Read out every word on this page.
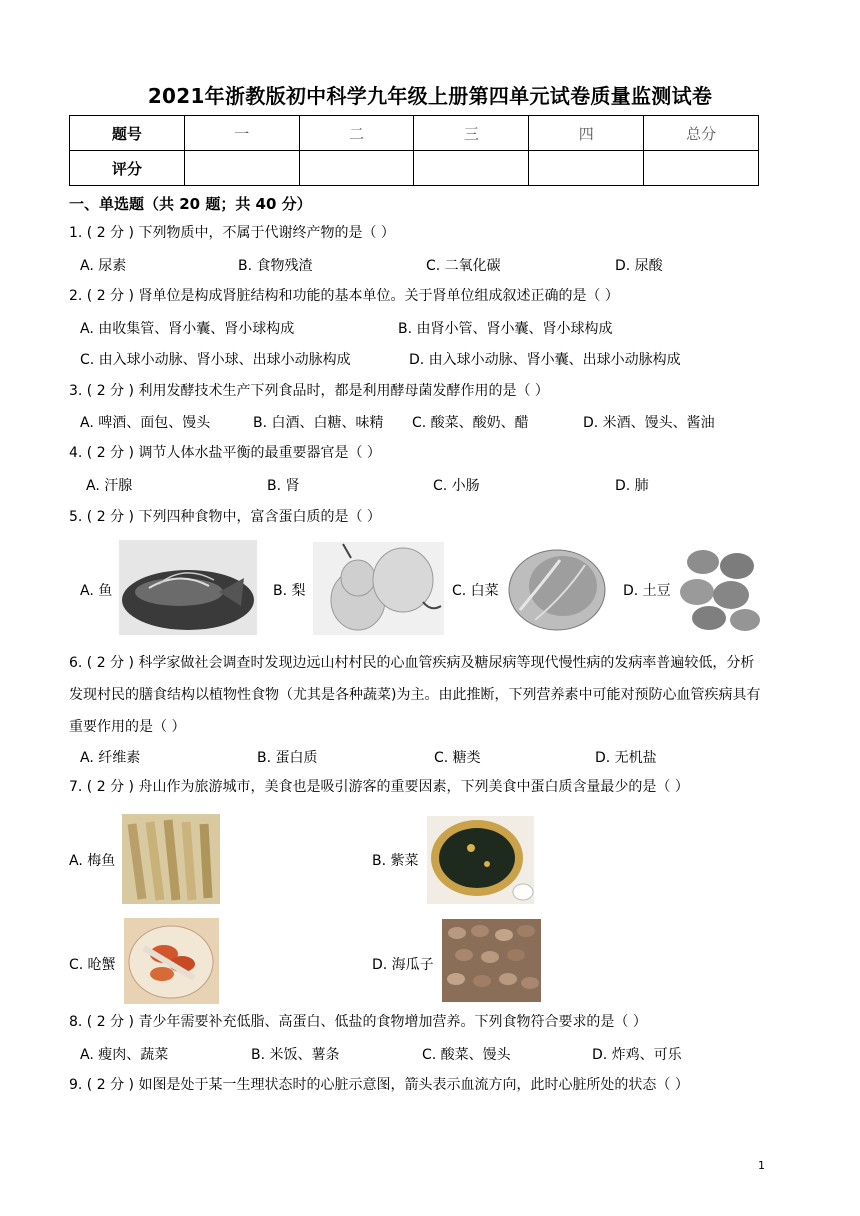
2021年浙教版初中科学九年级上册第四单元试卷质量监测试卷
题号	一	二	三	四	总分
评分					
一、单选题（共 20 题；共 40 分）
1. ( 2 分 ) 下列物质中，不属于代谢终产物的是（ ）
A. 尿素	B. 食物残渣	C. 二氧化碳	D. 尿酸
2. ( 2 分 ) 肾单位是构成肾脏结构和功能的基本单位。关于肾单位组成叙述正确的是（ ）
A. 由收集管、肾小囊、肾小球构成	B. 由肾小管、肾小囊、肾小球构成
C. 由入球小动脉、肾小球、出球小动脉构成	D. 由入球小动脉、肾小囊、出球小动脉构成
3. ( 2 分 ) 利用发酵技术生产下列食品时，都是利用酵母菌发酵作用的是（ ）
A. 啤酒、面包、馒头	B. 白酒、白糖、味精 C. 酸菜、酸奶、醋	D. 米酒、馒头、酱油
4. ( 2 分 ) 调节人体水盐平衡的最重要器官是（ ）
A. 汗腺	B. 肾	C. 小肠	D. 肺
5. ( 2 分 ) 下列四种食物中，富含蛋白质的是（ ）
A. 鱼	B. 梨	C. 白菜	D. 土豆
6. ( 2 分 ) 科学家做社会调查时发现边远山村村民的心血管疾病及糖尿病等现代慢性病的发病率普遍较低，分析发现村民的膳食结构以植物性食物（尤其是各种蔬菜)为主。由此推断，下列营养素中可能对预防心血管疾病具有重要作用的是（ ）
A. 纤维素	B. 蛋白质	C. 糖类	D. 无机盐
7. ( 2 分 ) 舟山作为旅游城市，美食也是吸引游客的重要因素，下列美食中蛋白质含量最少的是（ ）
A. 梅鱼	B. 紫菜
C. 呛蟹	D. 海瓜子
8. ( 2 分 ) 青少年需要补充低脂、高蛋白、低盐的食物增加营养。下列食物符合要求的是（ ）
A. 瘦肉、蔬菜	B. 米饭、薯条	C. 酸菜、馒头	D. 炸鸡、可乐
9. ( 2 分 ) 如图是处于某一生理状态时的心脏示意图，箭头表示血流方向，此时心脏所处的状态（ ）
1
